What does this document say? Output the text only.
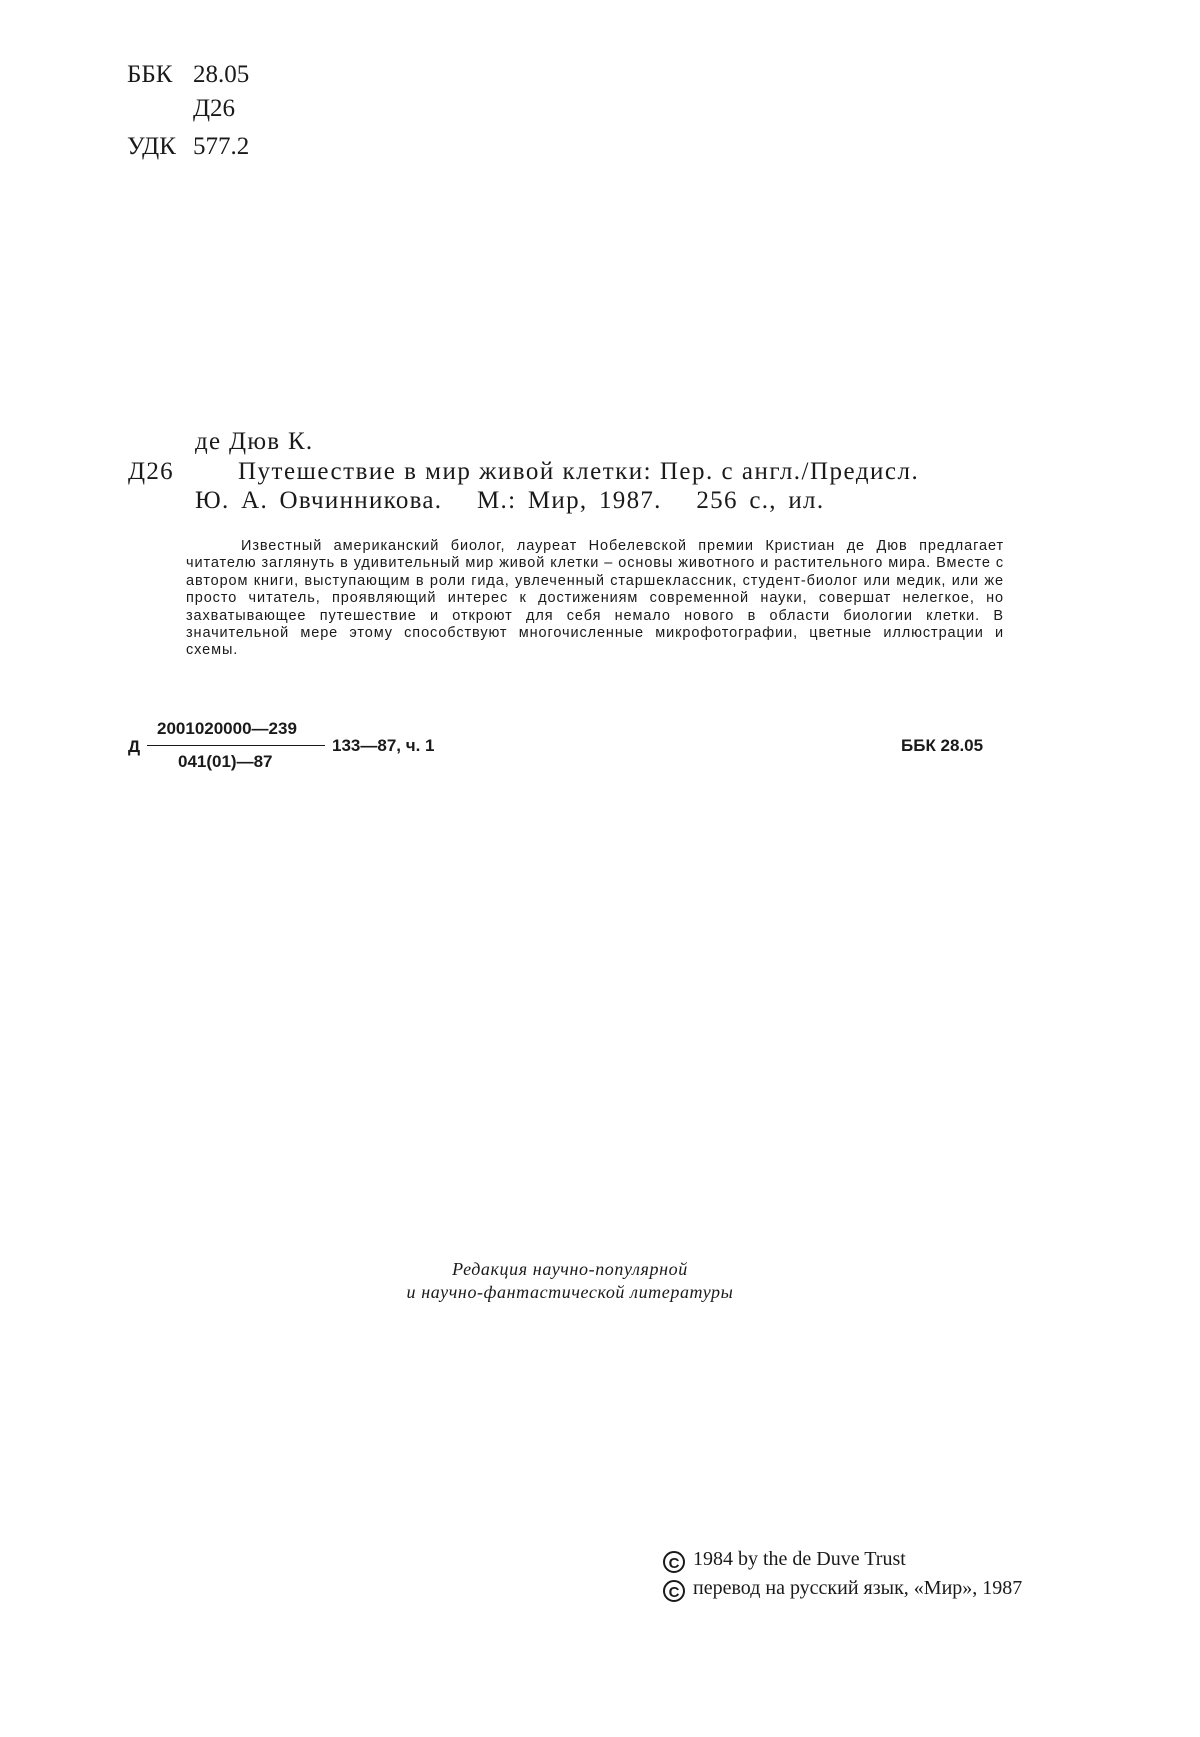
ББК 28.05
Д26
УДК 577.2
де Дюв К.
Д26	Путешествие в мир живой клетки: Пер. с англ./Предисл.
Ю. А. Овчинникова.   М.: Мир, 1987.   256 с., ил.
Известный американский биолог, лауреат Нобелевской премии Кристиан де Дюв предлагает читателю заглянуть в удивительный мир живой клетки – основы животного и растительного мира. Вместе с автором книги, выступающим в роли гида, увлеченный старшеклассник, студент-биолог или медик, или же просто читатель, проявляющий интерес к достижениям современной науки, совершат нелегкое, но захватывающее путешествие и откроют для себя немало нового в области биологии клетки. В значительной мере этому способствуют многочисленные микрофотографии, цветные иллюстрации и схемы.
Д
2001020000—239
041(01)—87
133—87, ч. 1	ББК 28.05
Редакция научно-популярной
и научно-фантастической литературы
C 1984 by the de Duve Trust
C перевод на русский язык, «Мир», 1987
